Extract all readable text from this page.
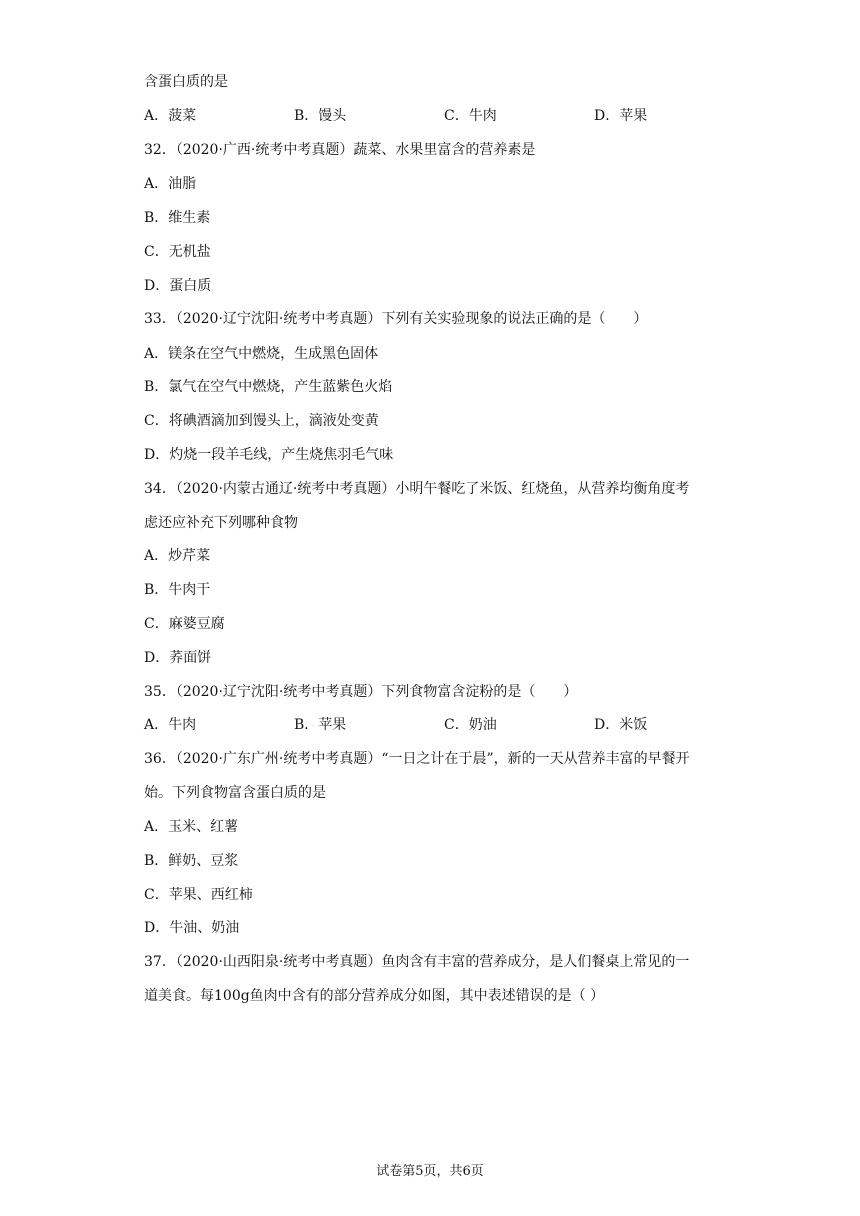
含蛋白质的是
A．菠菜	B．馒头	C．牛肉	D．苹果
32．（2020·广西·统考中考真题）蔬菜、水果里富含的营养素是
A．油脂
B．维生素
C．无机盐
D．蛋白质
33．（2020·辽宁沈阳·统考中考真题）下列有关实验现象的说法正确的是（　　）
A．镁条在空气中燃烧，生成黑色固体
B．氯气在空气中燃烧，产生蓝紫色火焰
C．将碘酒滴加到馒头上，滴液处变黄
D．灼烧一段羊毛线，产生烧焦羽毛气味
34．（2020·内蒙古通辽·统考中考真题）小明午餐吃了米饭、红烧鱼，从营养均衡角度考
虑还应补充下列哪种食物
A．炒芹菜
B．牛肉干
C．麻婆豆腐
D．荞面饼
35．（2020·辽宁沈阳·统考中考真题）下列食物富含淀粉的是（　　）
A．牛肉	B．苹果	C．奶油	D．米饭
36．（2020·广东广州·统考中考真题）“一日之计在于晨”，新的一天从营养丰富的早餐开
始。下列食物富含蛋白质的是
A．玉米、红薯
B．鲜奶、豆浆
C．苹果、西红柿
D．牛油、奶油
37．（2020·山西阳泉·统考中考真题）鱼肉含有丰富的营养成分，是人们餐桌上常见的一
道美食。每100g鱼肉中含有的部分营养成分如图，其中表述错误的是（ ）
试卷第5页，共6页
